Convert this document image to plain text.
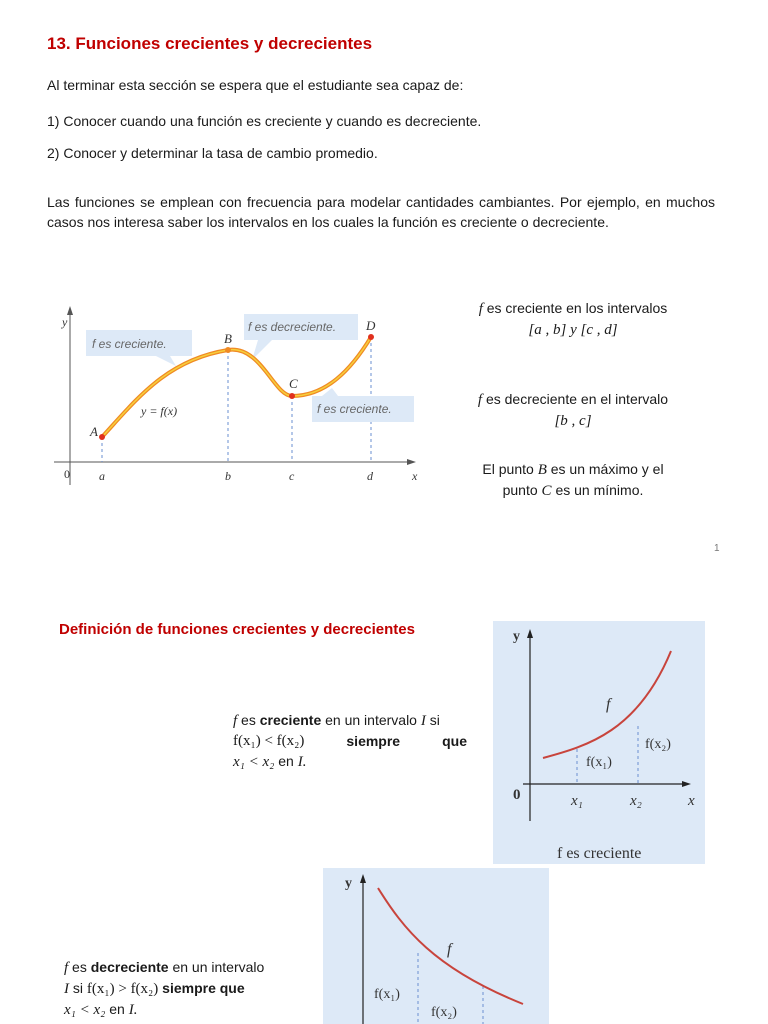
13. Funciones crecientes y decrecientes

Al terminar esta sección se espera que el estudiante sea capaz de:

1) Conocer cuando una función es creciente y cuando es decreciente.

2) Conocer y determinar la tasa de cambio promedio.

Las funciones se emplean con frecuencia para modelar cantidades cambiantes. Por ejemplo, en muchos casos nos interesa saber los intervalos en los cuales la función es creciente o decreciente.

y
x
0 a	b	c	d
A
B
C
D
y = f(x)
f es creciente.
f es decreciente.
f es creciente.
f es creciente en los intervalos
[a , b] y [c , d]
f es decreciente en el intervalo
[b , c]
El punto B es un máximo y el
punto C es un mínimo.
1
Definición de funciones crecientes y decrecientes
f es creciente en un intervalo I si
f(x₁) < f(x₂)	siempre	que
x₁ < x₂ en I.
f es decreciente en un intervalo
I si f(x₁) > f(x₂) siempre que
x₁ < x₂ en I.
y
x
0
f
f(x₁)
f(x₂)
x₁	x₂
f es creciente
y
f
f(x₁)
f(x₂)
